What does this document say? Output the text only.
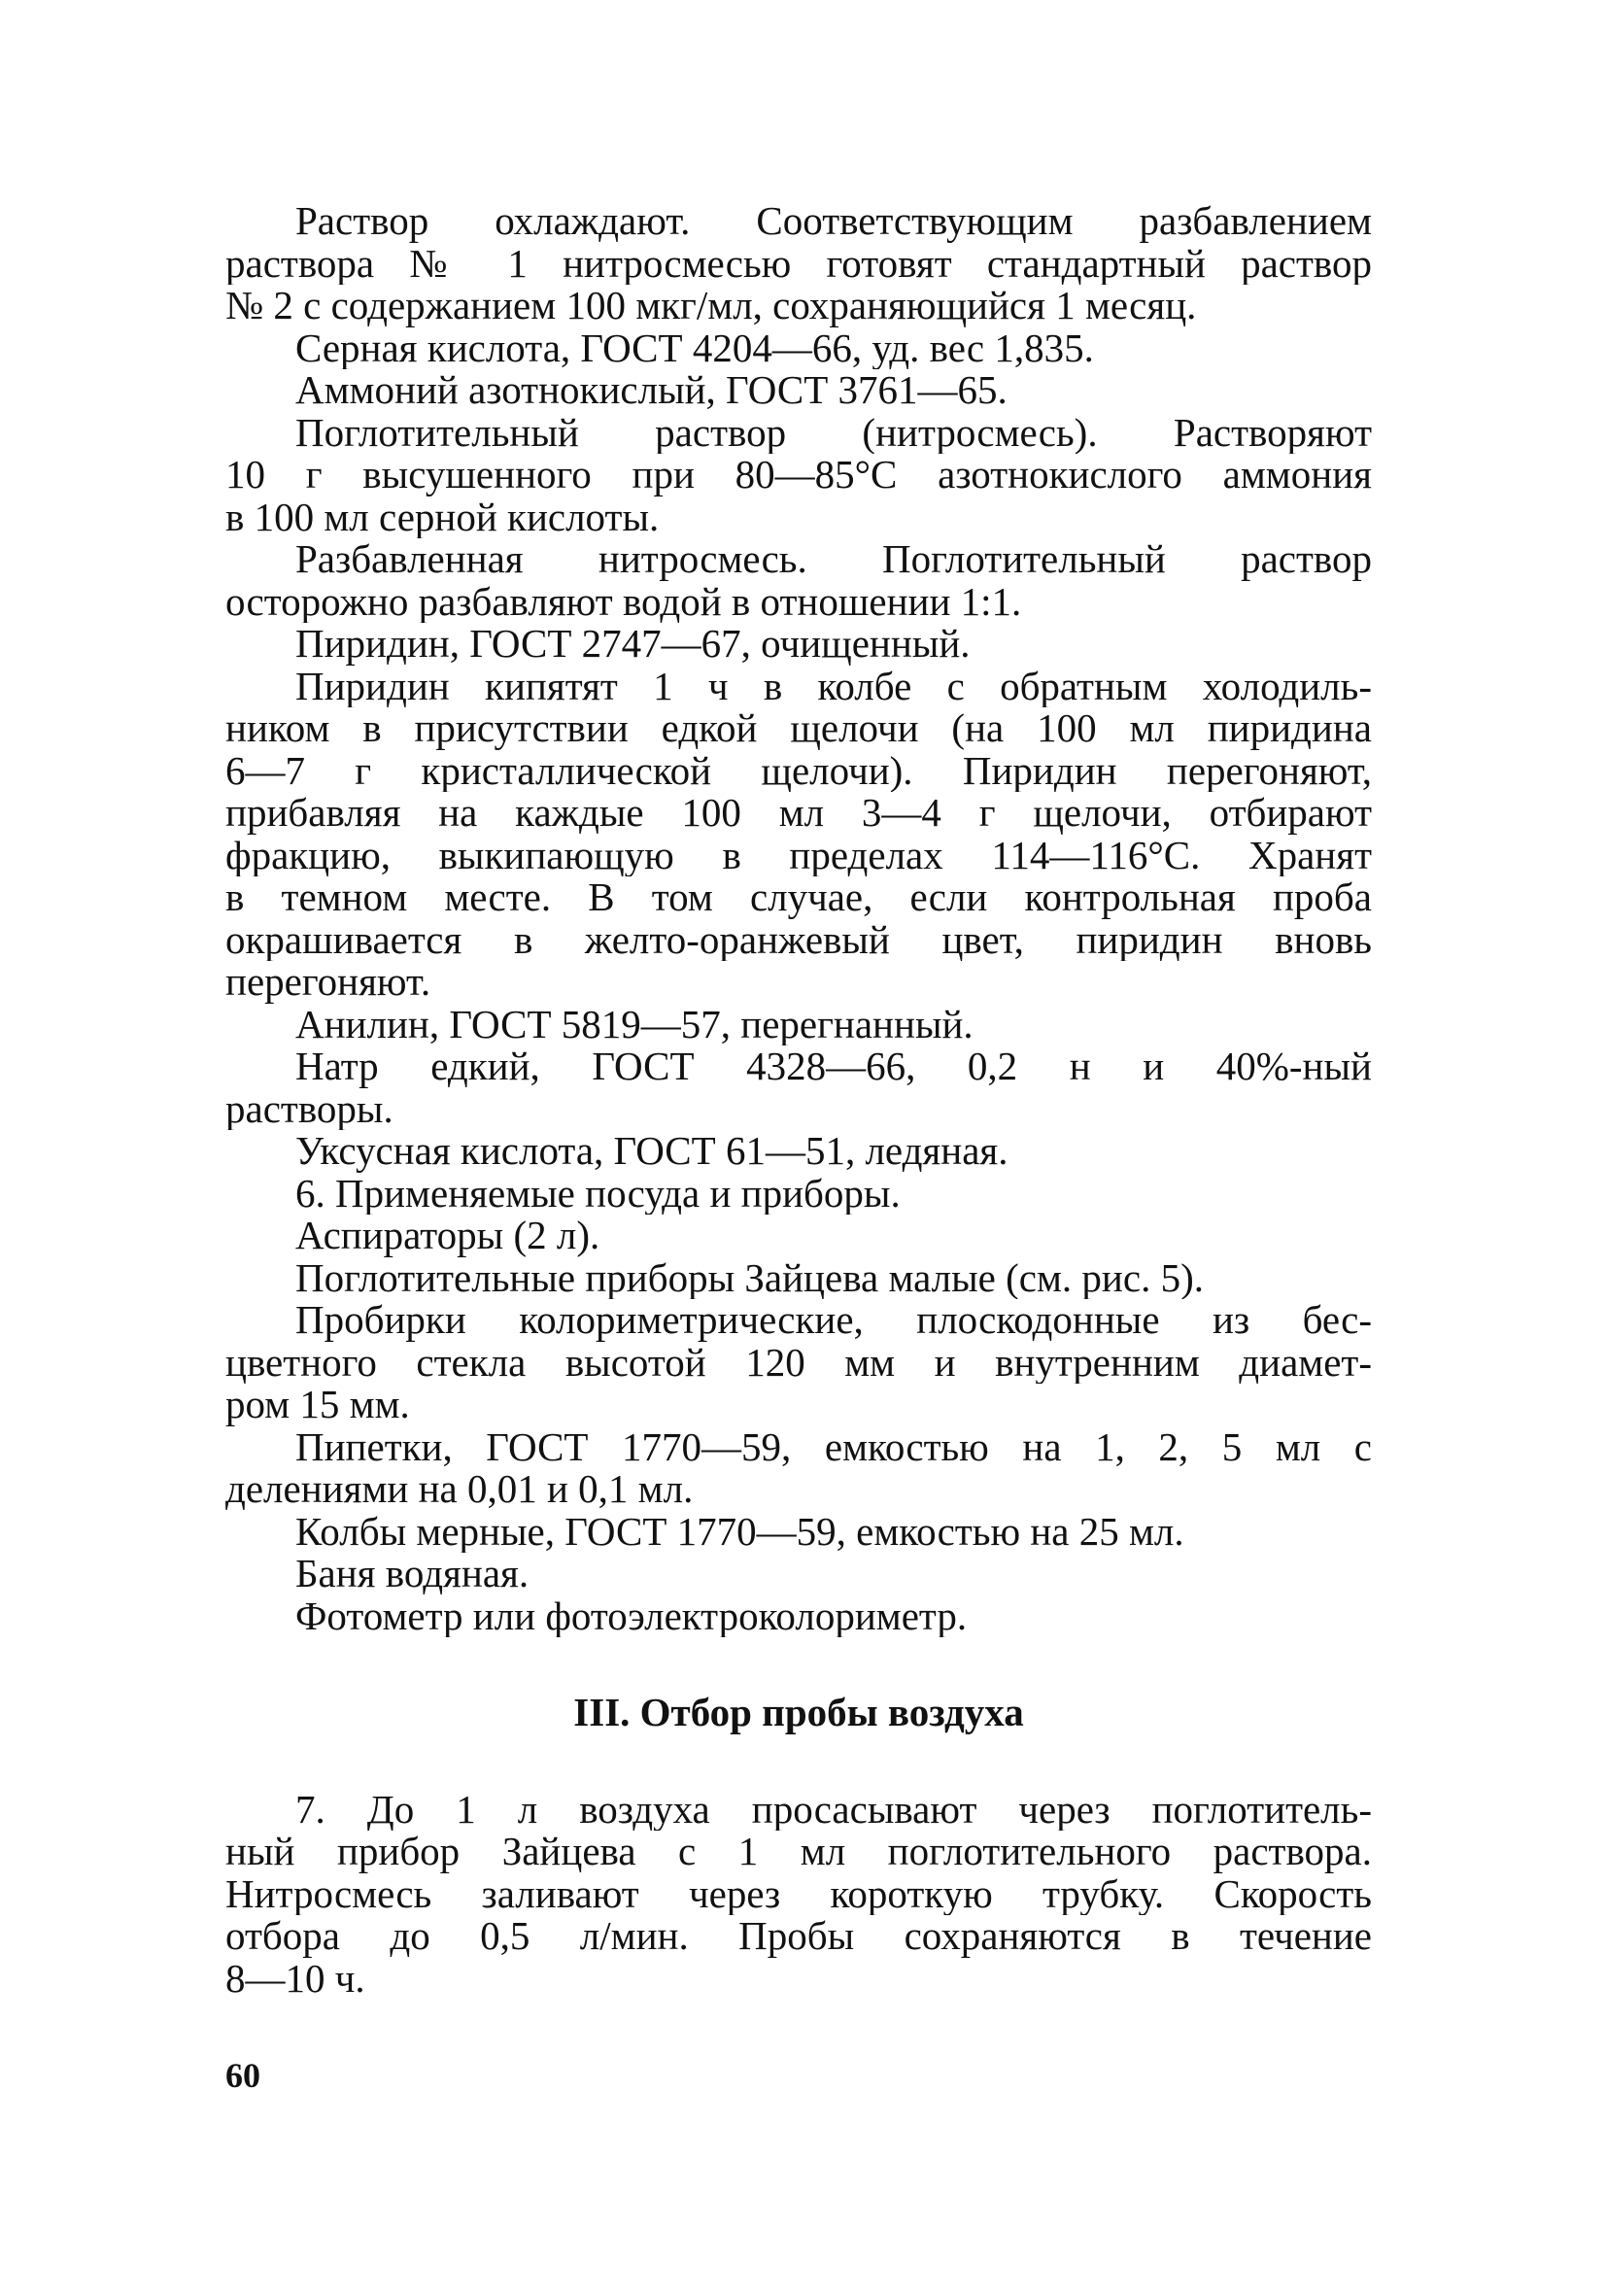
Раствор охлаждают. Соответствующим разбавлением
раствора № 1 нитросмесью готовят стандартный раствор
№ 2 с содержанием 100 мкг/мл, сохраняющийся 1 месяц.
Серная кислота, ГОСТ 4204—66, уд. вес 1,835.
Аммоний азотнокислый, ГОСТ 3761—65.
Поглотительный раствор (нитросмесь). Растворяют
10 г высушенного при 80—85°С азотнокислого аммония
в 100 мл серной кислоты.
Разбавленная нитросмесь. Поглотительный раствор
осторожно разбавляют водой в отношении 1:1.
Пиридин, ГОСТ 2747—67, очищенный.
Пиридин кипятят 1 ч в колбе с обратным холодиль-
ником в присутствии едкой щелочи (на 100 мл пиридина
6—7 г кристаллической щелочи). Пиридин перегоняют,
прибавляя на каждые 100 мл 3—4 г щелочи, отбирают
фракцию, выкипающую в пределах 114—116°С. Хранят
в темном месте. В том случае, если контрольная проба
окрашивается в желто-оранжевый цвет, пиридин вновь
перегоняют.
Анилин, ГОСТ 5819—57, перегнанный.
Натр едкий, ГОСТ 4328—66, 0,2 н и 40%-ный
растворы.
Уксусная кислота, ГОСТ 61—51, ледяная.
6. Применяемые посуда и приборы.
Аспираторы (2 л).
Поглотительные приборы Зайцева малые (см. рис. 5).
Пробирки колориметрические, плоскодонные из бес-
цветного стекла высотой 120 мм и внутренним диамет-
ром 15 мм.
Пипетки, ГОСТ 1770—59, емкостью на 1, 2, 5 мл с
делениями на 0,01 и 0,1 мл.
Колбы мерные, ГОСТ 1770—59, емкостью на 25 мл.
Баня водяная.
Фотометр или фотоэлектроколориметр.
III. Отбор пробы воздуха
7. До 1 л воздуха просасывают через поглотитель-
ный прибор Зайцева с 1 мл поглотительного раствора.
Нитросмесь заливают через короткую трубку. Скорость
отбора до 0,5 л/мин. Пробы сохраняются в течение
8—10 ч.
60
